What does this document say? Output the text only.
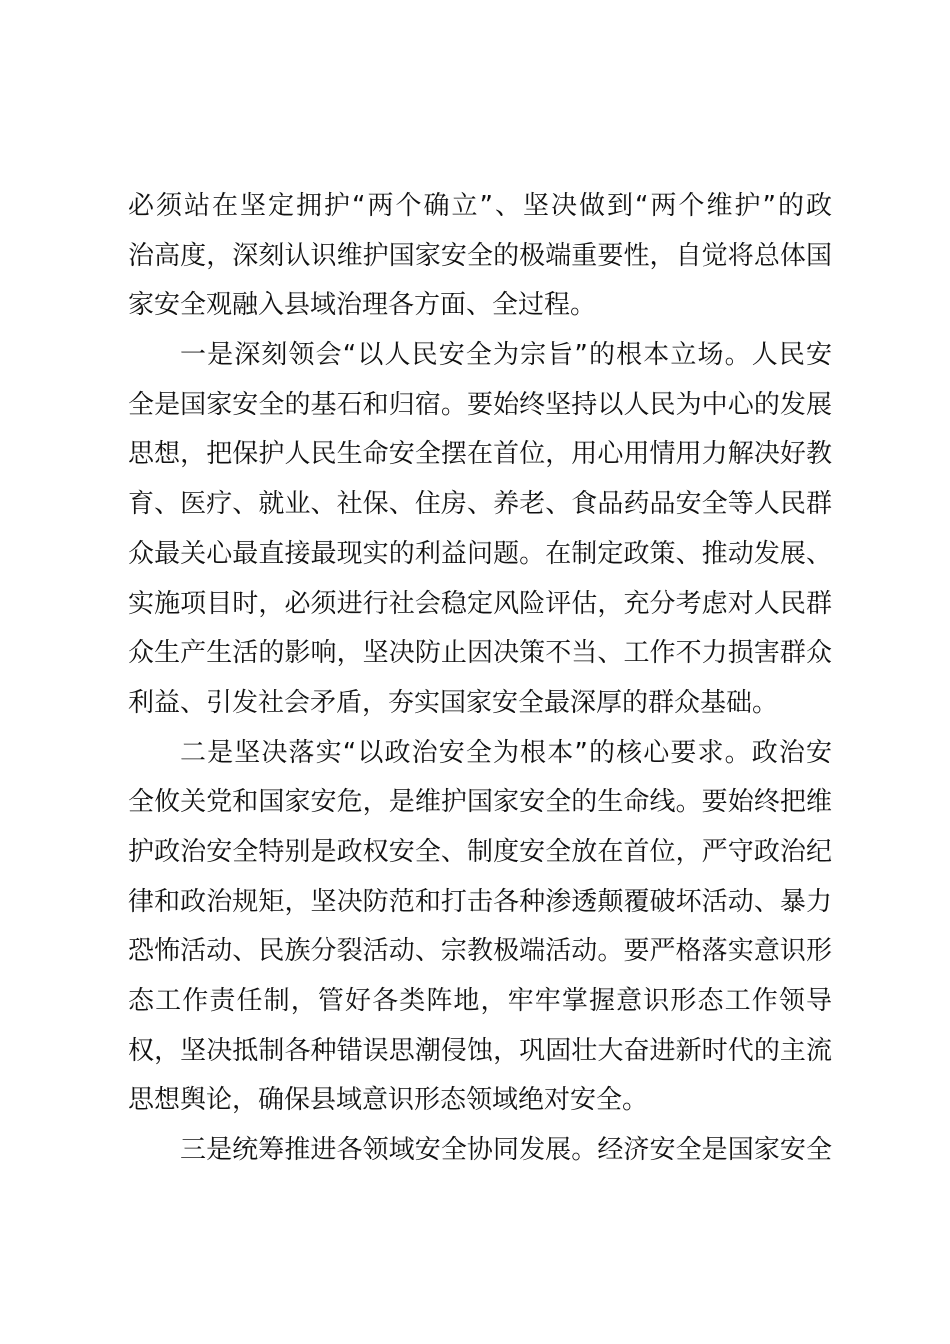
必须站在坚定拥护“两个确立”、坚决做到“两个维护”的政
治高度，深刻认识维护国家安全的极端重要性，自觉将总体国
家安全观融入县域治理各方面、全过程。
一是深刻领会“以人民安全为宗旨”的根本立场。人民安
全是国家安全的基石和归宿。要始终坚持以人民为中心的发展
思想，把保护人民生命安全摆在首位，用心用情用力解决好教
育、医疗、就业、社保、住房、养老、食品药品安全等人民群
众最关心最直接最现实的利益问题。在制定政策、推动发展、
实施项目时，必须进行社会稳定风险评估，充分考虑对人民群
众生产生活的影响，坚决防止因决策不当、工作不力损害群众
利益、引发社会矛盾，夯实国家安全最深厚的群众基础。
二是坚决落实“以政治安全为根本”的核心要求。政治安
全攸关党和国家安危，是维护国家安全的生命线。要始终把维
护政治安全特别是政权安全、制度安全放在首位，严守政治纪
律和政治规矩，坚决防范和打击各种渗透颠覆破坏活动、暴力
恐怖活动、民族分裂活动、宗教极端活动。要严格落实意识形
态工作责任制，管好各类阵地，牢牢掌握意识形态工作领导
权，坚决抵制各种错误思潮侵蚀，巩固壮大奋进新时代的主流
思想舆论，确保县域意识形态领域绝对安全。
三是统筹推进各领域安全协同发展。经济安全是国家安全
